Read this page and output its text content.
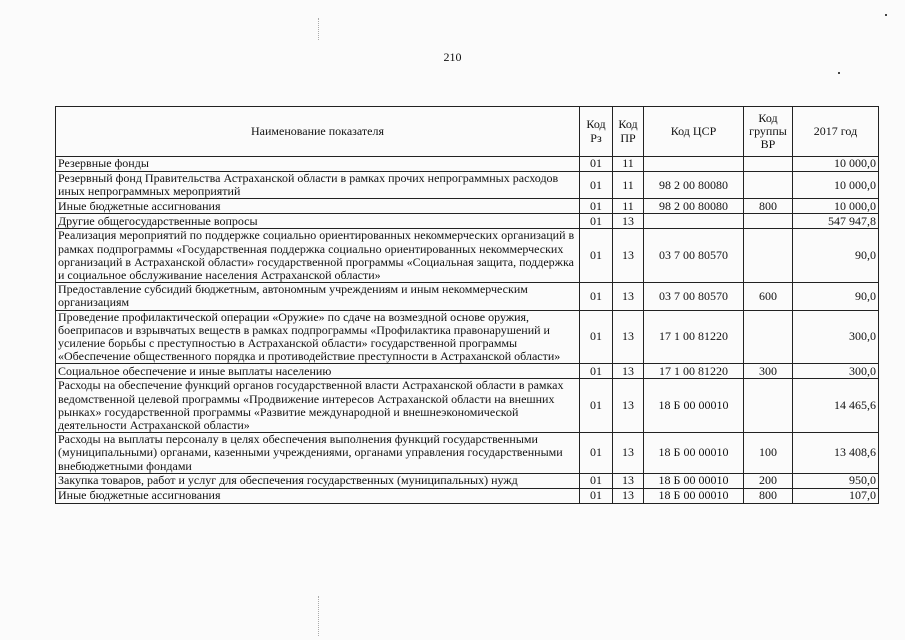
210
Наименование показателя	Код Рз	Код ПР	Код ЦСР	Код группы ВР	2017 год
Резервные фонды	01	11			10 000,0
Резервный фонд Правительства Астраханской области в рамках прочих непрограммных расходов иных непрограммных мероприятий	01	11	98 2 00 80080		10 000,0
Иные бюджетные ассигнования	01	11	98 2 00 80080	800	10 000,0
Другие общегосударственные вопросы	01	13			547 947,8
Реализация мероприятий по поддержке социально ориентированных некоммерческих организаций в рамках подпрограммы «Государственная поддержка социально ориентированных некоммерческих организаций в Астраханской области» государственной программы «Социальная защита, поддержка и социальное обслуживание населения Астраханской области»	01	13	03 7 00 80570		90,0
Предоставление субсидий бюджетным, автономным учреждениям и иным некоммерческим организациям	01	13	03 7 00 80570	600	90,0
Проведение профилактической операции «Оружие» по сдаче на возмездной основе оружия, боеприпасов и взрывчатых веществ в рамках подпрограммы «Профилактика правонарушений и усиление борьбы с преступностью в Астраханской области» государственной программы «Обеспечение общественного порядка и противодействие преступности в Астраханской области»	01	13	17 1 00 81220		300,0
Социальное обеспечение и иные выплаты населению	01	13	17 1 00 81220	300	300,0
Расходы на обеспечение функций органов государственной власти Астраханской области в рамках ведомственной целевой программы «Продвижение интересов Астраханской области на внешних рынках» государственной программы «Развитие международной и внешнеэкономической деятельности Астраханской области»	01	13	18 Б 00 00010		14 465,6
Расходы на выплаты персоналу в целях обеспечения выполнения функций государственными (муниципальными) органами, казенными учреждениями, органами управления государственными внебюджетными фондами	01	13	18 Б 00 00010	100	13 408,6
Закупка товаров, работ и услуг для обеспечения государственных (муниципальных) нужд	01	13	18 Б 00 00010	200	950,0
Иные бюджетные ассигнования	01	13	18 Б 00 00010	800	107,0
